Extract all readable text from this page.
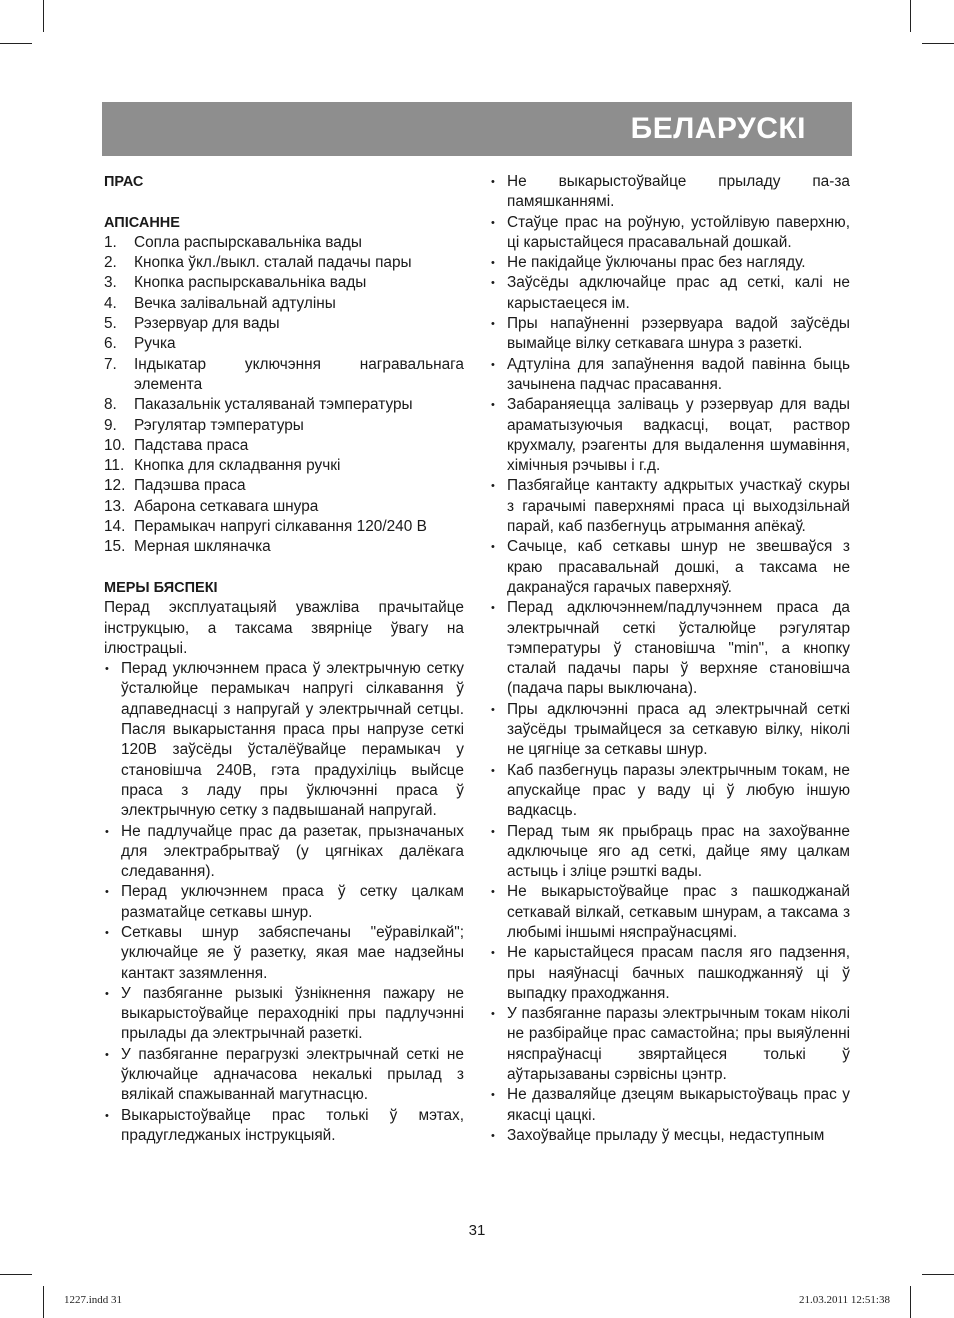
БЕЛАРУСКІ

ПРАС

АПІСАННЕ

1. Сопла распырскавальніка вады
2. Кнопка ўкл./выкл. сталай падачы пары
3. Кнопка распырскавальніка вады
4. Вечка залівальнай адтуліны
5. Рэзервуар для вады
6. Ручка
7. Індыкатар уключэння награвальнага элемента
8. Паказальнік усталяванай тэмпературы
9. Рэгулятар тэмпературы
10. Падстава праса
11. Кнопка для складвання ручкі
12. Падэшва праса
13. Абарона сеткавага шнура
14. Перамыкач напругі сілкавання 120/240 В
15. Мерная шкляначка

МЕРЫ БЯСПЕКІ

Перад эксплуатацыяй уважліва прачытайце інструкцыю, а таксама звярніце ўвагу на ілюстрацыі.

• Перад уключэннем праса ў электрычную сетку ўсталюйце перамыкач напругі сілкавання ў адпаведнасці з напругай у электрычнай сетцы. Пасля выкарыстання праса пры напрузе сеткі 120В заўсёды ўсталёўвайце перамыкач у становішча 240В, гэта прадухіліць выйсце праса з ладу пры ўключэнні праса ў электрычную сетку з падвышанай напругай.
• Не падлучайце прас да разетак, прызначаных для электрабрытваў (у цягніках далёкага следавання).
• Перад уключэннем праса ў сетку цалкам разматайце сеткавы шнур.
• Сеткавы шнур забяспечаны "еўравілкай"; уключайце яе ў разетку, якая мае надзейны кантакт зазямлення.
• У пазбяганне рызыкі ўзнікнення пажару не выкарыстоўвайце пераходнікі пры падлучэнні прылады да электрычнай разеткі.
• У пазбяганне перагрузкі электрычнай сеткі не ўключайце адначасова некалькі прылад з вялікай спажываннай магутнасцю.
• Выкарыстоўвайце прас толькі ў мэтах, прадугледжаных інструкцыяй.
• Не выкарыстоўвайце прыладу па-за памяшканнямі.
• Стаўце прас на роўную, устойлівую паверхню, ці карыстайцеся прасавальнай дошкай.
• Не пакідайце ўключаны прас без нагляду.
• Заўсёды адключайце прас ад сеткі, калі не карыстаецеся ім.
• Пры напаўненні рэзервуара вадой заўсёды вымайце вілку сеткавага шнура з разеткі.
• Адтуліна для запаўнення вадой павінна быць зачынена падчас прасавання.
• Забараняецца заліваць у рэзервуар для вады араматызуючыя вадкасці, воцат, раствор крухмалу, рэагенты для выдалення шумавіння, хімічныя рэчывы і г.д.
• Пазбягайце кантакту адкрытых участкаў скуры з гарачымі паверхнямі праса ці выходзільнай парай, каб пазбегнуць атрымання апёкаў.
• Сачыце, каб сеткавы шнур не звешваўся з краю прасавальнай дошкі, а таксама не дакранаўся гарачых паверхняў.
• Перад адключэннем/падлучэннем праса да электрычнай сеткі ўсталюйце рэгулятар тэмпературы ў становішча "min", а кнопку сталай падачы пары ў верхняе становішча (падача пары выключана).
• Пры адключэнні праса ад электрычнай сеткі заўсёды трымайцеся за сеткавую вілку, ніколі не цягніце за сеткавы шнур.
• Каб пазбегнуць паразы электрычным токам, не апускайце прас у ваду ці ў любую іншую вадкасць.
• Перад тым як прыбраць прас на захоўванне адключыце яго ад сеткі, дайце яму цалкам астыць і зліце рэшткі вады.
• Не выкарыстоўвайце прас з пашкоджанай сеткавай вілкай, сеткавым шнурам, а таксама з любымі іншымі няспраўнасцямі.
• Не карыстайцеся прасам пасля яго падзення, пры наяўнасці бачных пашкоджанняў ці ў выпадку праходжання.
• У пазбяганне паразы электрычным токам ніколі не разбірайце прас самастойна; пры выяўленні няспраўнасці звяртайцеся толькі ў аўтарызаваны сэрвісны цэнтр.
• Не дазваляйце дзецям выкарыстоўваць прас у якасці цацкі.
• Захоўвайце прыладу ў месцы, недаступным
31
1227.indd 31	21.03.2011 12:51:38
